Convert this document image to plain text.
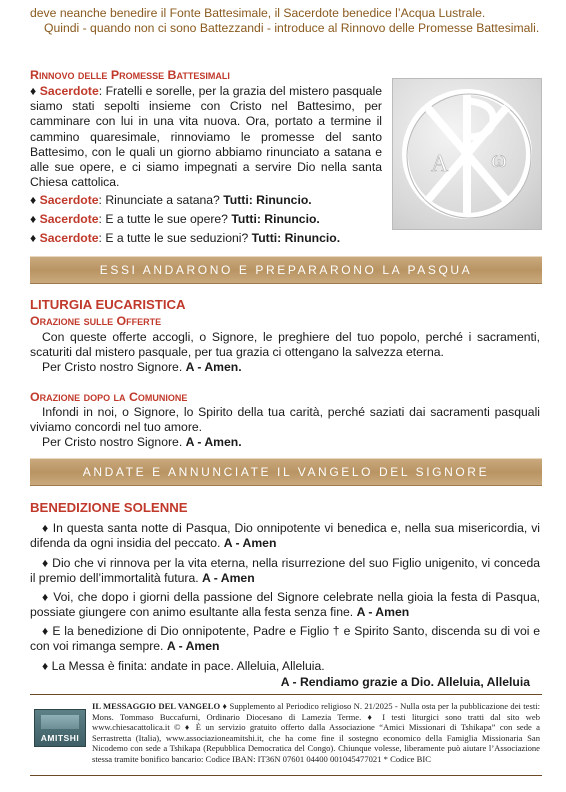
deve neanche benedire il Fonte Battesimale, il Sacerdote benedice l’Acqua Lustrale.
Quindi - quando non ci sono Battezzandi - introduce al Rinnovo delle Promesse Battesimali.
Rinnovo delle Promesse Battesimali
♦ Sacerdote: Fratelli e sorelle, per la grazia del mistero pasquale siamo stati sepolti insieme con Cristo nel Battesimo, per camminare con lui in una vita nuova. Ora, portato a termine il cammino quaresimale, rinnoviamo le promesse del santo Battesimo, con le quali un giorno abbiamo rinunciato a satana e alle sue opere, e ci siamo impegnati a servire Dio nella santa Chiesa cattolica.
♦ Sacerdote: Rinunciate a satana? Tutti: Rinuncio.
♦ Sacerdote: E a tutte le sue opere? Tutti: Rinuncio.
♦ Sacerdote: E a tutte le sue seduzioni? Tutti: Rinuncio.
A ω
ESSI ANDARONO E PREPARARONO LA PASQUA
LITURGIA EUCARISTICA
Orazione sulle Offerte
Con queste offerte accogli, o Signore, le preghiere del tuo popolo, perché i sacramenti, scaturiti dal mistero pasquale, per tua grazia ci ottengano la salvezza eterna.
Per Cristo nostro Signore. A - Amen.
Orazione dopo la Comunione
Infondi in noi, o Signore, lo Spirito della tua carità, perché saziati dai sacramenti pasquali viviamo concordi nel tuo amore.
Per Cristo nostro Signore. A - Amen.
ANDATE E ANNUNCIATE IL VANGELO DEL SIGNORE
BENEDIZIONE SOLENNE
♦ In questa santa notte di Pasqua, Dio onnipotente vi benedica e, nella sua misericordia, vi difenda da ogni insidia del peccato. A - Amen
♦ Dio che vi rinnova per la vita eterna, nella risurrezione del suo Figlio unigenito, vi conceda il premio dell’immortalità futura. A - Amen
♦ Voi, che dopo i giorni della passione del Signore celebrate nella gioia la festa di Pasqua, possiate giungere con animo esultante alla festa senza fine. A - Amen
♦ E la benedizione di Dio onnipotente, Padre e Figlio † e Spirito Santo, discenda su di voi e con voi rimanga sempre. A - Amen
♦ La Messa è finita: andate in pace. Alleluia, Alleluia.
A - Rendiamo grazie a Dio. Alleluia, Alleluia
AMITSHI
IL MESSAGGIO DEL VANGELO ♦ Supplemento al Periodico religioso N. 21/2025 - Nulla osta per la pubblicazione dei testi: Mons. Tommaso Buccafurni, Ordinario Diocesano di Lamezia Terme. ♦ I testi liturgici sono tratti dal sito web www.chiesacattolica.it © ♦ È un servizio gratuito offerto dalla Associazione “Amici Missionari di Tshikapa” con sede a Serrastretta (Italia), www.associazioneamitshi.it, che ha come fine il sostegno economico della Famiglia Missionaria San Nicodemo con sede a Tshikapa (Repubblica Democratica del Congo). Chiunque volesse, liberamente può aiutare l’Associazione stessa tramite bonifico bancario: Codice IBAN: IT36N 07601 04400 001045477021 * Codice BIC
